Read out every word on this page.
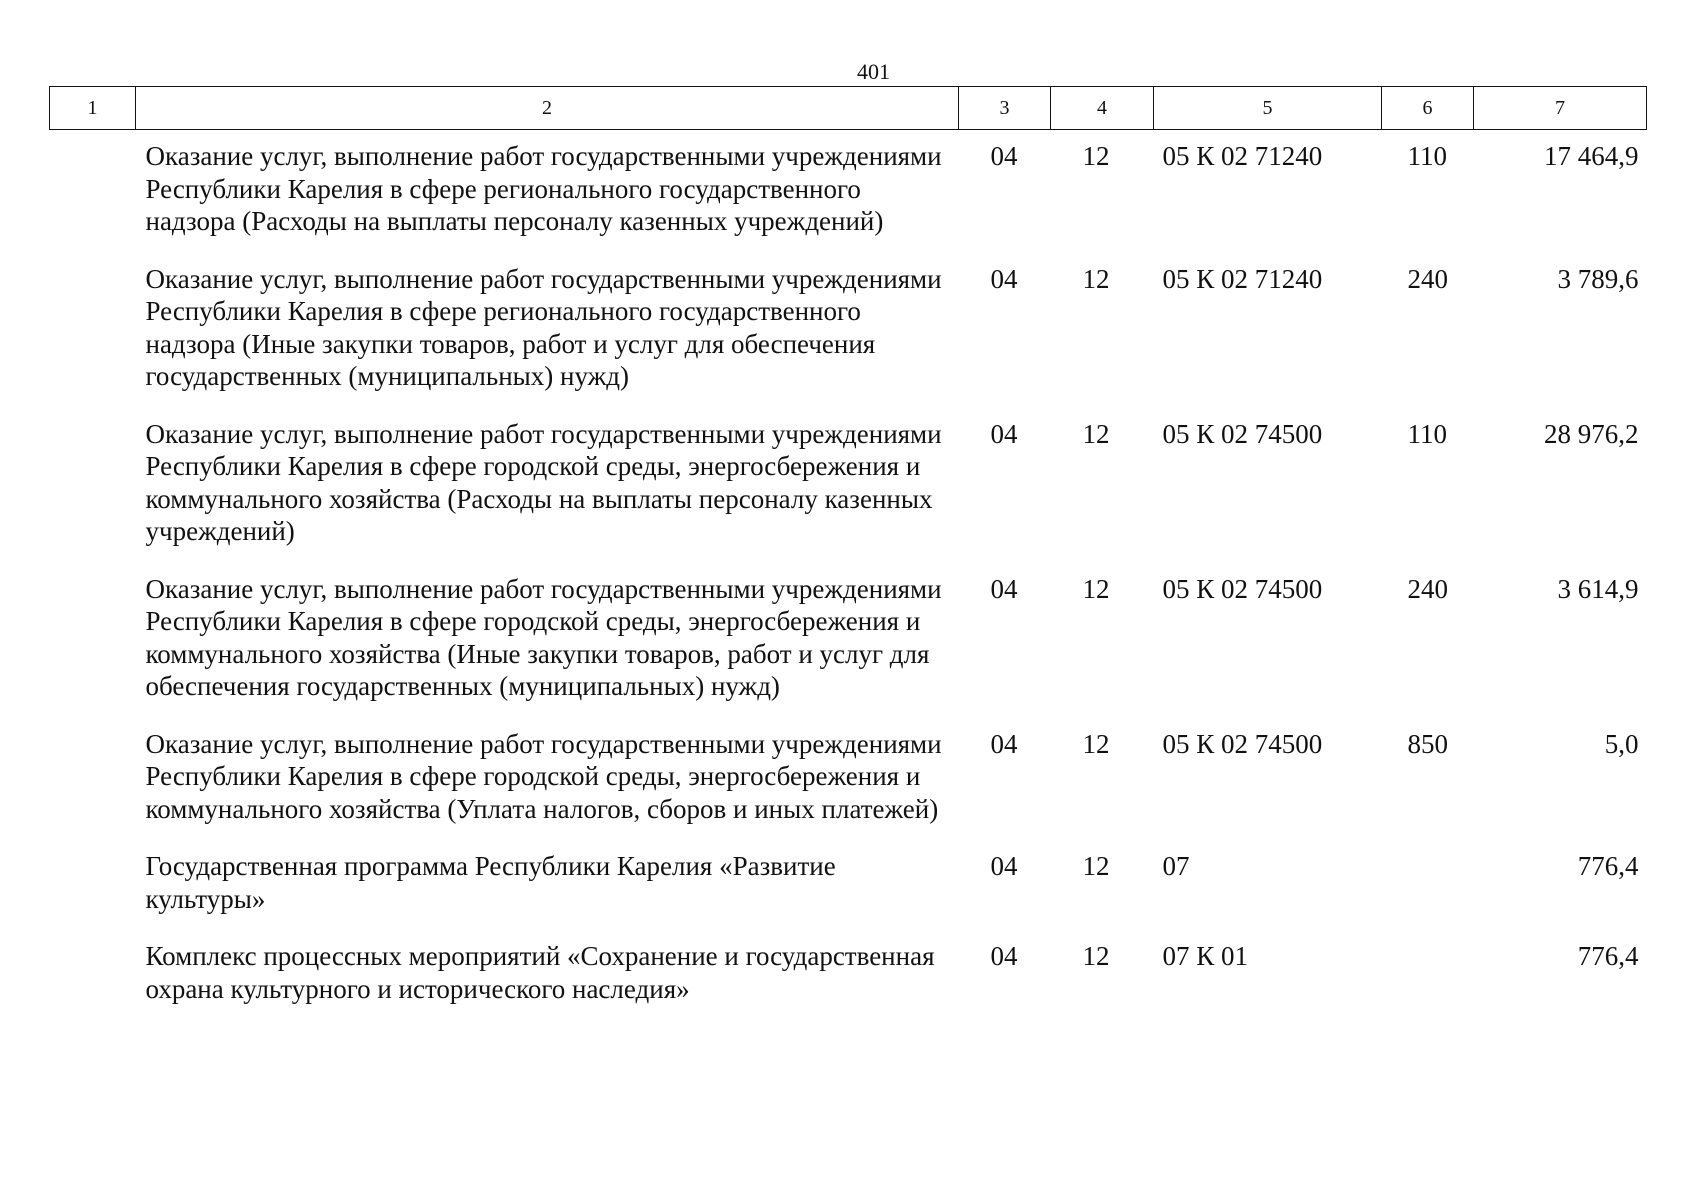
401
1	2	3	4	5	6	7
	Оказание услуг, выполнение работ государственными учреждениями Республики Карелия в сфере регионального государственного надзора (Расходы на выплаты персоналу казенных учреждений)	04	12	05 К 02 71240	110	17 464,9
	Оказание услуг, выполнение работ государственными учреждениями Республики Карелия в сфере регионального государственного надзора (Иные закупки товаров, работ и услуг для обеспечения государственных (муниципальных) нужд)	04	12	05 К 02 71240	240	3 789,6
	Оказание услуг, выполнение работ государственными учреждениями Республики Карелия в сфере городской среды, энергосбережения и коммунального хозяйства (Расходы на выплаты персоналу казенных учреждений)	04	12	05 К 02 74500	110	28 976,2
	Оказание услуг, выполнение работ государственными учреждениями Республики Карелия в сфере городской среды, энергосбережения и коммунального хозяйства (Иные закупки товаров, работ и услуг для обеспечения государственных (муниципальных) нужд)	04	12	05 К 02 74500	240	3 614,9
	Оказание услуг, выполнение работ государственными учреждениями Республики Карелия в сфере городской среды, энергосбережения и коммунального хозяйства (Уплата налогов, сборов и иных платежей)	04	12	05 К 02 74500	850	5,0
	Государственная программа Республики Карелия «Развитие культуры»	04	12	07		776,4
	Комплекс процессных мероприятий «Сохранение и государственная охрана культурного и исторического наследия»	04	12	07 К 01		776,4
